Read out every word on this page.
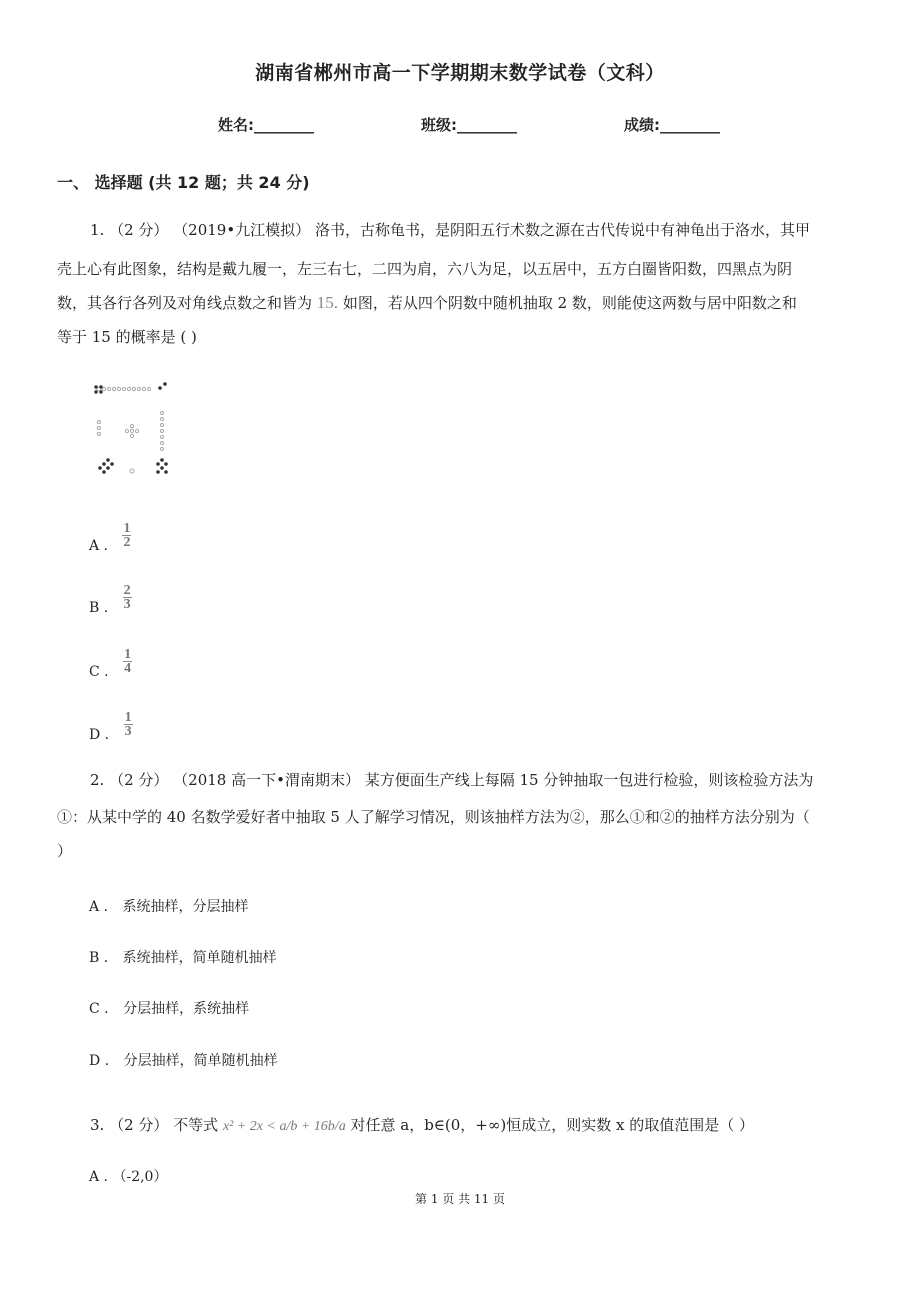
湖南省郴州市高一下学期期末数学试卷（文科）
姓名:________	班级:________	成绩:________
一、 选择题 (共 12 题；共 24 分)
1. （2 分） （2019•九江模拟） 洛书，古称龟书，是阴阳五行术数之源在古代传说中有神龟出于洛水，其甲
壳上心有此图象，结构是戴九履一，左三右七，二四为肩，六八为足，以五居中，五方白圈皆阳数，四黑点为阴
数，其各行各列及对角线点数之和皆为 15. 如图，若从四个阴数中随机抽取 2 数，则能使这两数与居中阳数之和
等于 15 的概率是 ( )
A . $\frac{1}{2}$
B . $\frac{2}{3}$
C . $\frac{1}{4}$
D . $\frac{1}{3}$
2. （2 分） （2018 高一下•渭南期末） 某方便面生产线上每隔 15 分钟抽取一包进行检验，则该检验方法为
①：从某中学的 40 名数学爱好者中抽取 5 人了解学习情况，则该抽样方法为②，那么①和②的抽样方法分别为（
）
A . 系统抽样，分层抽样
B . 系统抽样，简单随机抽样
C . 分层抽样，系统抽样
D . 分层抽样，简单随机抽样
3. （2 分） 不等式 x² + 2x < a/b + 16b/a 对任意 a，b∈(0，+∞)恒成立，则实数 x 的取值范围是（ ）
A . （-2,0）
第 1 页 共 11 页
